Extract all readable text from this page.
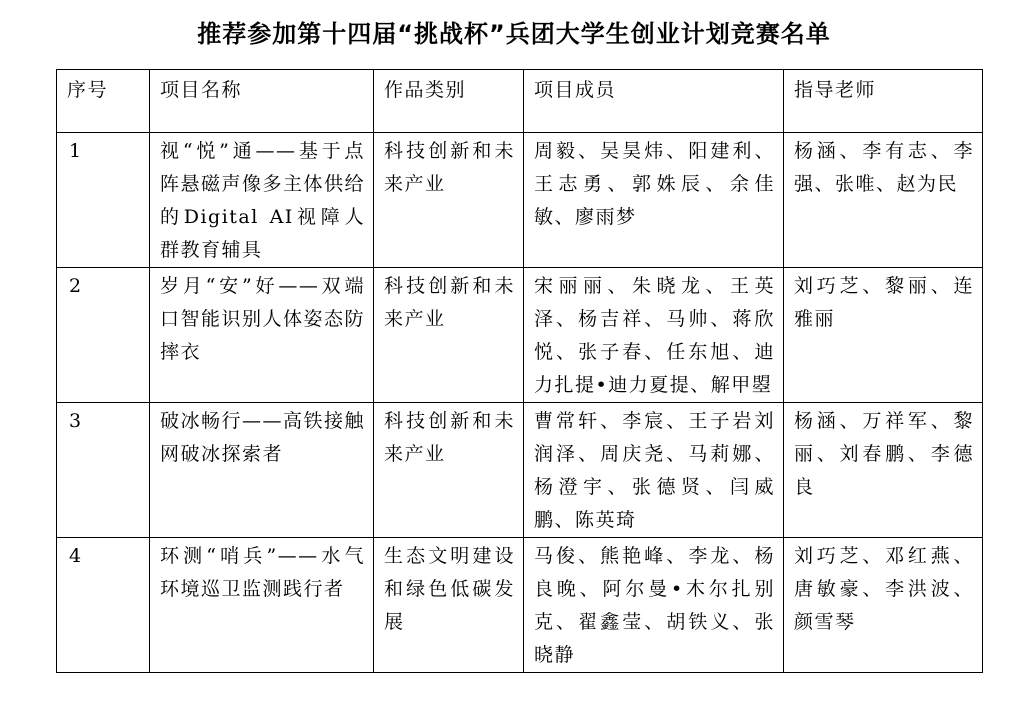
推荐参加第十四届“挑战杯”兵团大学生创业计划竞赛名单
序号	项目名称	作品类别	项目成员	指导老师
1	视“悦”通——基于点阵悬磁声像多主体供给的Digital AI视障人群教育辅具	科技创新和未来产业	周毅、吴昊炜、阳建利、王志勇、郭姝辰、余佳敏、廖雨梦	杨涵、李有志、李强、张唯、赵为民
2	岁月“安”好——双端口智能识别人体姿态防摔衣	科技创新和未来产业	宋丽丽、朱晓龙、王英泽、杨吉祥、马帅、蒋欣悦、张子春、任东旭、迪力扎提•迪力夏提、解甲曌	刘巧芝、黎丽、连雅丽
3	破冰畅行——高铁接触网破冰探索者	科技创新和未来产业	曹常轩、李宸、王子岩刘润泽、周庆尧、马莉娜、杨澄宇、张德贤、闫威鹏、陈英琦	杨涵、万祥军、黎丽、刘春鹏、李德良
4	环测“哨兵”——水气环境巡卫监测践行者	生态文明建设和绿色低碳发展	马俊、熊艳峰、李龙、杨良晚、阿尔曼•木尔扎别克、翟鑫莹、胡铁义、张晓静	刘巧芝、邓红燕、唐敏豪、李洪波、颜雪琴
